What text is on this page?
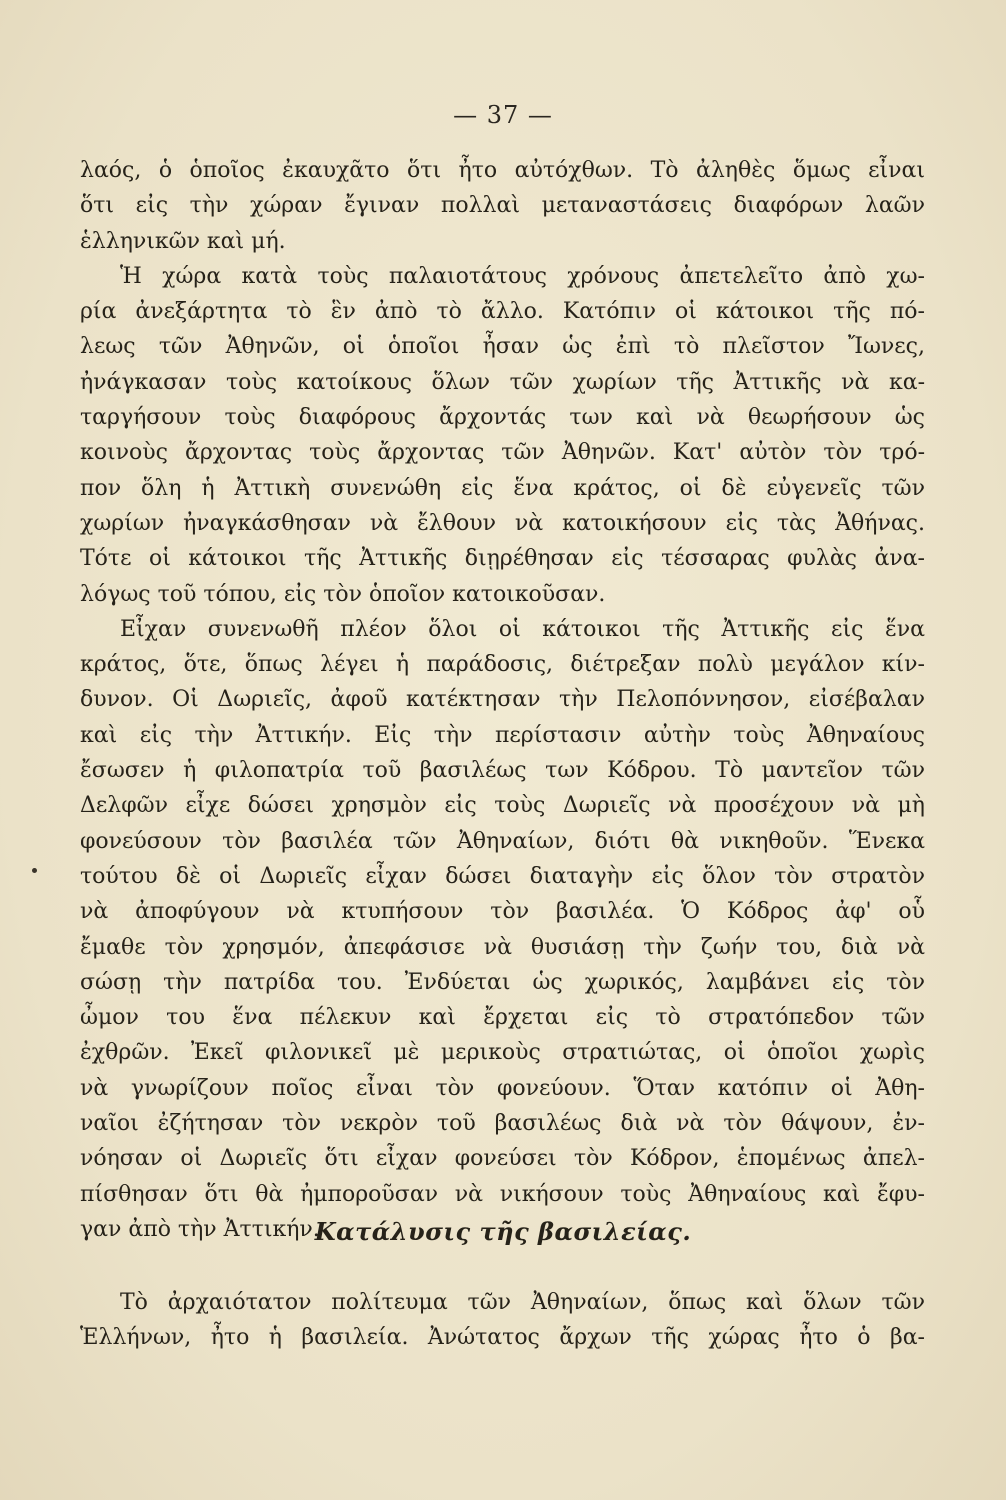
— 37 —
λαός, ὁ ὁποῖος ἐκαυχᾶτο ὅτι ἦτο αὐτόχθων. Τὸ ἀληθὲς ὅμως εἶναι
ὅτι εἰς τὴν χώραν ἔγιναν πολλαὶ μεταναστάσεις διαφόρων λαῶν
ἑλληνικῶν καὶ μή.
Ἡ χώρα κατὰ τοὺς παλαιοτάτους χρόνους ἀπετελεῖτο ἀπὸ χω-
ρία ἀνεξάρτητα τὸ ἓν ἀπὸ τὸ ἄλλο. Κατόπιν οἱ κάτοικοι τῆς πό-
λεως τῶν Ἀθηνῶν, οἱ ὁποῖοι ἦσαν ὡς ἐπὶ τὸ πλεῖστον Ἴωνες,
ἠνάγκασαν τοὺς κατοίκους ὅλων τῶν χωρίων τῆς Ἀττικῆς νὰ κα-
ταργήσουν τοὺς διαφόρους ἄρχοντάς των καὶ νὰ θεωρήσουν ὡς
κοινοὺς ἄρχοντας τοὺς ἄρχοντας τῶν Ἀθηνῶν. Κατ' αὐτὸν τὸν τρό-
πον ὅλη ἡ Ἀττικὴ συνενώθη εἰς ἕνα κράτος, οἱ δὲ εὐγενεῖς τῶν
χωρίων ἠναγκάσθησαν νὰ ἔλθουν νὰ κατοικήσουν εἰς τὰς Ἀθήνας.
Τότε οἱ κάτοικοι τῆς Ἀττικῆς διῃρέθησαν εἰς τέσσαρας φυλὰς ἀνα-
λόγως τοῦ τόπου, εἰς τὸν ὁποῖον κατοικοῦσαν.
Εἶχαν συνενωθῆ πλέον ὅλοι οἱ κάτοικοι τῆς Ἀττικῆς εἰς ἕνα
κράτος, ὅτε, ὅπως λέγει ἡ παράδοσις, διέτρεξαν πολὺ μεγάλον κίν-
δυνον. Οἱ Δωριεῖς, ἀφοῦ κατέκτησαν τὴν Πελοπόννησον, εἰσέβαλαν
καὶ εἰς τὴν Ἀττικήν. Εἰς τὴν περίστασιν αὐτὴν τοὺς Ἀθηναίους
ἔσωσεν ἡ φιλοπατρία τοῦ βασιλέως των Κόδρου. Τὸ μαντεῖον τῶν
Δελφῶν εἶχε δώσει χρησμὸν εἰς τοὺς Δωριεῖς νὰ προσέχουν νὰ μὴ
φονεύσουν τὸν βασιλέα τῶν Ἀθηναίων, διότι θὰ νικηθοῦν. Ἕνεκα
τούτου δὲ οἱ Δωριεῖς εἶχαν δώσει διαταγὴν εἰς ὅλον τὸν στρατὸν
νὰ ἀποφύγουν νὰ κτυπήσουν τὸν βασιλέα. Ὁ Κόδρος ἀφ' οὗ
ἔμαθε τὸν χρησμόν, ἀπεφάσισε νὰ θυσιάσῃ τὴν ζωήν του, διὰ νὰ
σώσῃ τὴν πατρίδα του. Ἐνδύεται ὡς χωρικός, λαμβάνει εἰς τὸν
ὦμον του ἕνα πέλεκυν καὶ ἔρχεται εἰς τὸ στρατόπεδον τῶν
ἐχθρῶν. Ἐκεῖ φιλονικεῖ μὲ μερικοὺς στρατιώτας, οἱ ὁποῖοι χωρὶς
νὰ γνωρίζουν ποῖος εἶναι τὸν φονεύουν. Ὅταν κατόπιν οἱ Ἀθη-
ναῖοι ἐζήτησαν τὸν νεκρὸν τοῦ βασιλέως διὰ νὰ τὸν θάψουν, ἐν-
νόησαν οἱ Δωριεῖς ὅτι εἶχαν φονεύσει τὸν Κόδρον, ἑπομένως ἀπελ-
πίσθησαν ὅτι θὰ ἠμποροῦσαν νὰ νικήσουν τοὺς Ἀθηναίους καὶ ἔφυ-
γαν ἀπὸ τὴν Ἀττικήν.
Κατάλυσις τῆς βασιλείας.
Τὸ ἀρχαιότατον πολίτευμα τῶν Ἀθηναίων, ὅπως καὶ ὅλων τῶν
Ἑλλήνων, ἦτο ἡ βασιλεία. Ἀνώτατος ἄρχων τῆς χώρας ἦτο ὁ βα-
